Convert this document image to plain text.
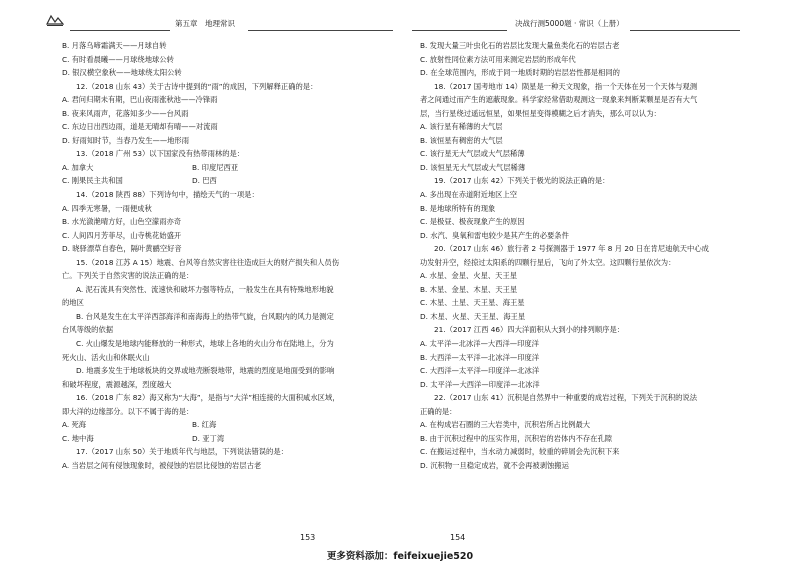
第五章　地理常识
B. 月落乌啼霜满天——月球自转
C. 有时看晨曦——月球绕地球公转
D. 银汉横空象秋——地球绕太阳公转
12.（2018 山东 43）关于古诗中提到的“雨”的成因，下列解释正确的是：
A. 君问归期未有期，巴山夜雨涨秋池——冷锋雨
B. 夜来风雨声，花落知多少——台风雨
C. 东边日出西边雨，道是无晴却有晴——对流雨
D. 好雨知时节，当春乃发生——地形雨
13.（2018 广州 53）以下国家没有热带雨林的是：
A. 加拿大	B. 印度尼西亚
C. 刚果民主共和国	D. 巴西
14.（2018 陕西 88）下列诗句中，描绘天气的一项是：
A. 四季无寒暑，一雨便成秋
B. 水光潋滟晴方好，山色空濛雨亦奇
C. 人间四月芳菲尽，山寺桃花始盛开
D. 晓驿漂草自春色，隔叶黄鹂空好音
15.（2018 江苏 A 15）地震、台风等自然灾害往往造成巨大的财产损失和人员伤
亡。下列关于自然灾害的说法正确的是：
A. 泥石流具有突然性、流速快和破坏力强等特点，一般发生在具有特殊地形地貌
的地区
B. 台风是发生在太平洋西部海洋和南海海上的热带气旋，台风眼内的风力是测定
台风等级的依据
C. 火山爆发是地球内能释放的一种形式，地球上各地的火山分布在陆地上，分为
死火山、活火山和休眠火山
D. 地震多发生于地球板块的交界或地壳断裂地带，地震的烈度是地面受到的影响
和破坏程度，震源越深，烈度越大
16.（2018 广东 82）海又称为“大海”，是指与“大洋”相连接的大面积咸水区域，
即大洋的边缘部分。以下不属于海的是：
A. 死海	B. 红海
C. 地中海	D. 亚丁湾
17.（2017 山东 50）关于地质年代与地层，下列说法错误的是：
A. 当岩层之间有侵蚀现象时，被侵蚀的岩层比侵蚀的岩层古老
153
决战行测5000题 · 常识（上册）
B. 发现大量三叶虫化石的岩层比发现大量鱼类化石的岩层古老
C. 放射性同位素方法可用来测定岩层的形成年代
D. 在全球范围内，形成于同一地质时期的岩层岩性都是相同的
18.（2017 国考地市 14）陨星是一种天文现象，指一个天体在另一个天体与观测
者之间通过而产生的遮蔽现象。科学家经常借助观测这一现象来判断某颗星是否有大气
层，当行星绕过遥远恒星，如果恒星变得模糊之后才消失，那么可以认为：
A. 该行星有稀薄的大气层
B. 该恒星有稠密的大气层
C. 该行星无大气层或大气层稀薄
D. 该恒星无大气层或大气层稀薄
19.（2017 山东 42）下列关于极光的说法正确的是：
A. 多出现在赤道附近地区上空
B. 是地球所特有的现象
C. 是极昼、极夜现象产生的原因
D. 水汽、臭氧和雷电较少是其产生的必要条件
20.（2017 山东 46）旅行者 2 号探测器于 1977 年 8 月 20 日在肯尼迪航天中心成
功发射升空，经掠过太阳系的四颗行星后，飞向了外太空。这四颗行星依次为：
A. 水星、金星、火星、天王星
B. 木星、金星、木星、天王星
C. 木星、土星、天王星、海王星
D. 木星、火星、天王星、海王星
21.（2017 江西 46）四大洋面积从大到小的排列顺序是：
A. 太平洋—北冰洋—大西洋—印度洋
B. 大西洋—太平洋—北冰洋—印度洋
C. 大西洋—太平洋—印度洋—北冰洋
D. 太平洋—大西洋—印度洋—北冰洋
22.（2017 山东 41）沉积是自然界中一种重要的成岩过程，下列关于沉积的说法
正确的是：
A. 在构成岩石圈的三大岩类中，沉积岩所占比例最大
B. 由于沉积过程中的压实作用，沉积岩的岩体内不存在孔隙
C. 在搬运过程中，当水动力减弱时，较重的碎屑会先沉积下来
D. 沉积物一旦稳定成岩，就不会再被剥蚀搬运
154
更多资料添加：feifeixuejie520
